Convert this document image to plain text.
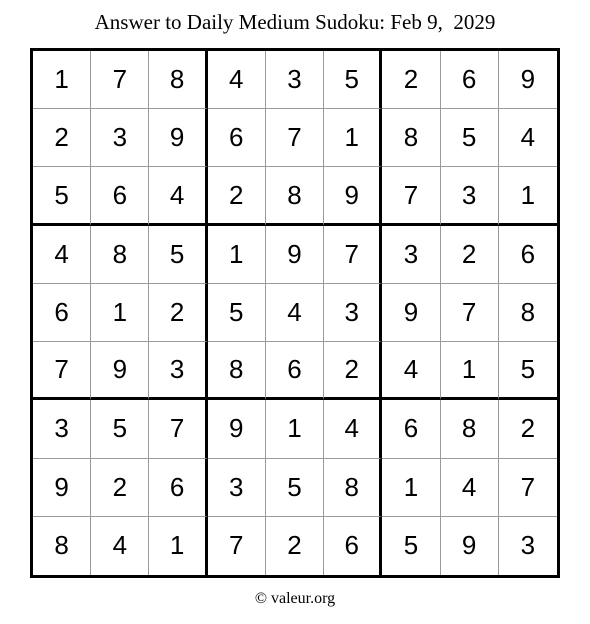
Answer to Daily Medium Sudoku: Feb 9,  2029
1	7	8	4	3	5	2	6	9
2	3	9	6	7	1	8	5	4
5	6	4	2	8	9	7	3	1
4	8	5	1	9	7	3	2	6
6	1	2	5	4	3	9	7	8
7	9	3	8	6	2	4	1	5
3	5	7	9	1	4	6	8	2
9	2	6	3	5	8	1	4	7
8	4	1	7	2	6	5	9	3
© valeur.org
